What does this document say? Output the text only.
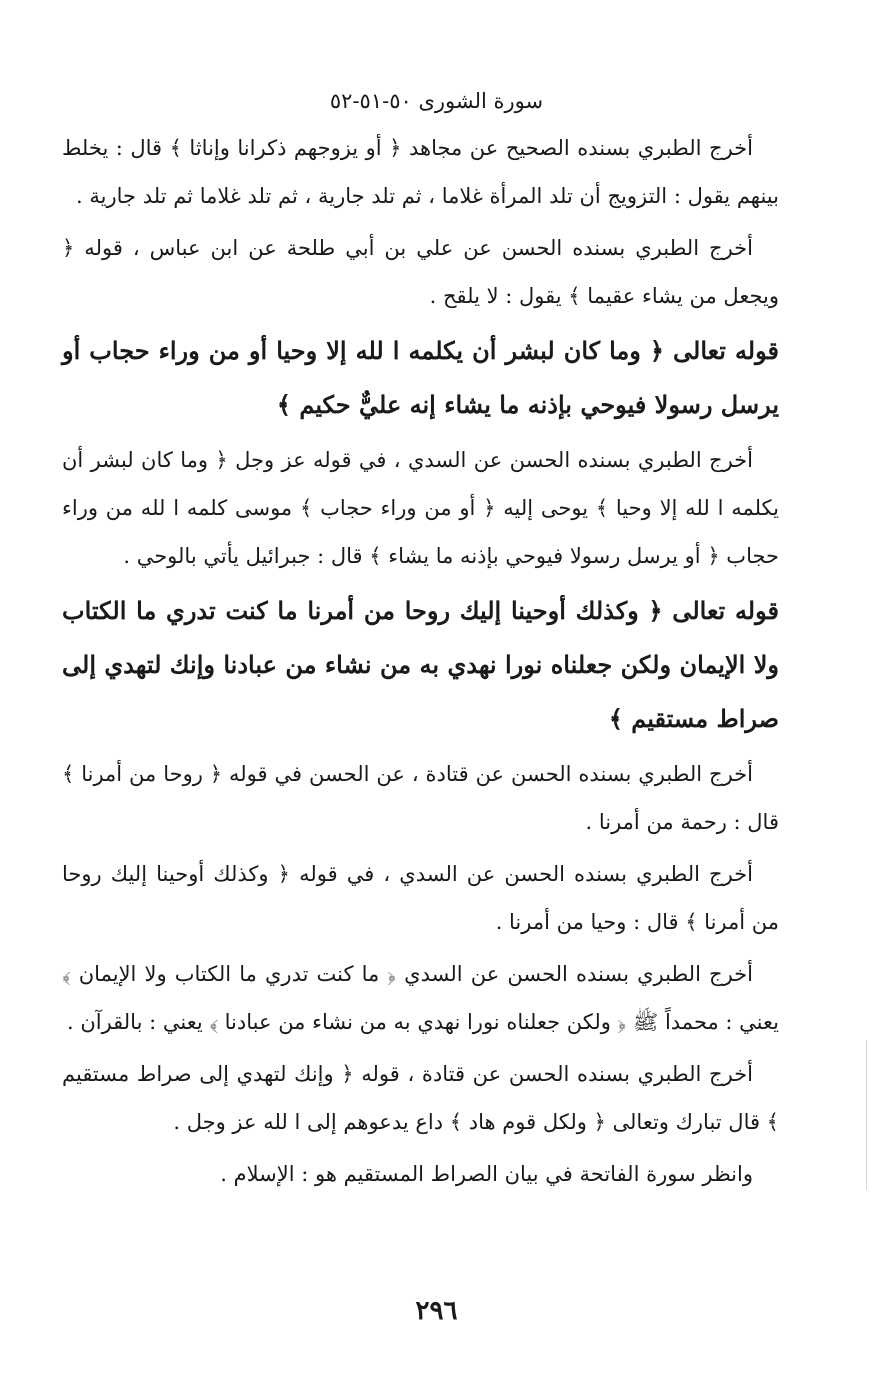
سورة الشورى ٥٠-٥١-٥٢

أخرج الطبري بسنده الصحيح عن مجاهد ﴿ أو يزوجهم ذكرانا وإناثا ﴾ قال : يخلط بينهم يقول : التزويج أن تلد المرأة غلاما ، ثم تلد جارية ، ثم تلد غلاما ثم تلد جارية .

أخرج الطبري بسنده الحسن عن علي بن أبي طلحة عن ابن عباس ، قوله ﴿ ويجعل من يشاء عقيما ﴾ يقول : لا يلقح .

قوله تعالى ﴿ وما كان لبشر أن يكلمه ا لله إلا وحيا أو من وراء حجاب أو يرسل رسولا فيوحي بإذنه ما يشاء إنه عليٌّ حكيم ﴾

أخرج الطبري بسنده الحسن عن السدي ، في قوله عز وجل ﴿ وما كان لبشر أن يكلمه ا لله إلا وحيا ﴾ يوحى إليه ﴿ أو من وراء حجاب ﴾ موسى كلمه ا لله من وراء حجاب ﴿ أو يرسل رسولا فيوحي بإذنه ما يشاء ﴾ قال : جبرائيل يأتي بالوحي .

قوله تعالى ﴿ وكذلك أوحينا إليك روحا من أمرنا ما كنت تدري ما الكتاب ولا الإيمان ولكن جعلناه نورا نهدي به من نشاء من عبادنا وإنك لتهدي إلى صراط مستقيم ﴾

أخرج الطبري بسنده الحسن عن قتادة ، عن الحسن في قوله ﴿ روحا من أمرنا ﴾ قال : رحمة من أمرنا .

أخرج الطبري بسنده الحسن عن السدي ، في قوله ﴿ وكذلك أوحينا إليك روحا من أمرنا ﴾ قال : وحيا من أمرنا .

أخرج الطبري بسنده الحسن عن السدي ﴿ ما كنت تدري ما الكتاب ولا الإيمان ﴾ يعني : محمداً ﷺ ﴿ ولكن جعلناه نورا نهدي به من نشاء من عبادنا ﴾ يعني : بالقرآن .

أخرج الطبري بسنده الحسن عن قتادة ، قوله ﴿ وإنك لتهدي إلى صراط مستقيم ﴾ قال تبارك وتعالى ﴿ ولكل قوم هاد ﴾ داع يدعوهم إلى ا لله عز وجل .

وانظر سورة الفاتحة في بيان الصراط المستقيم هو : الإسلام .

٢٩٦
